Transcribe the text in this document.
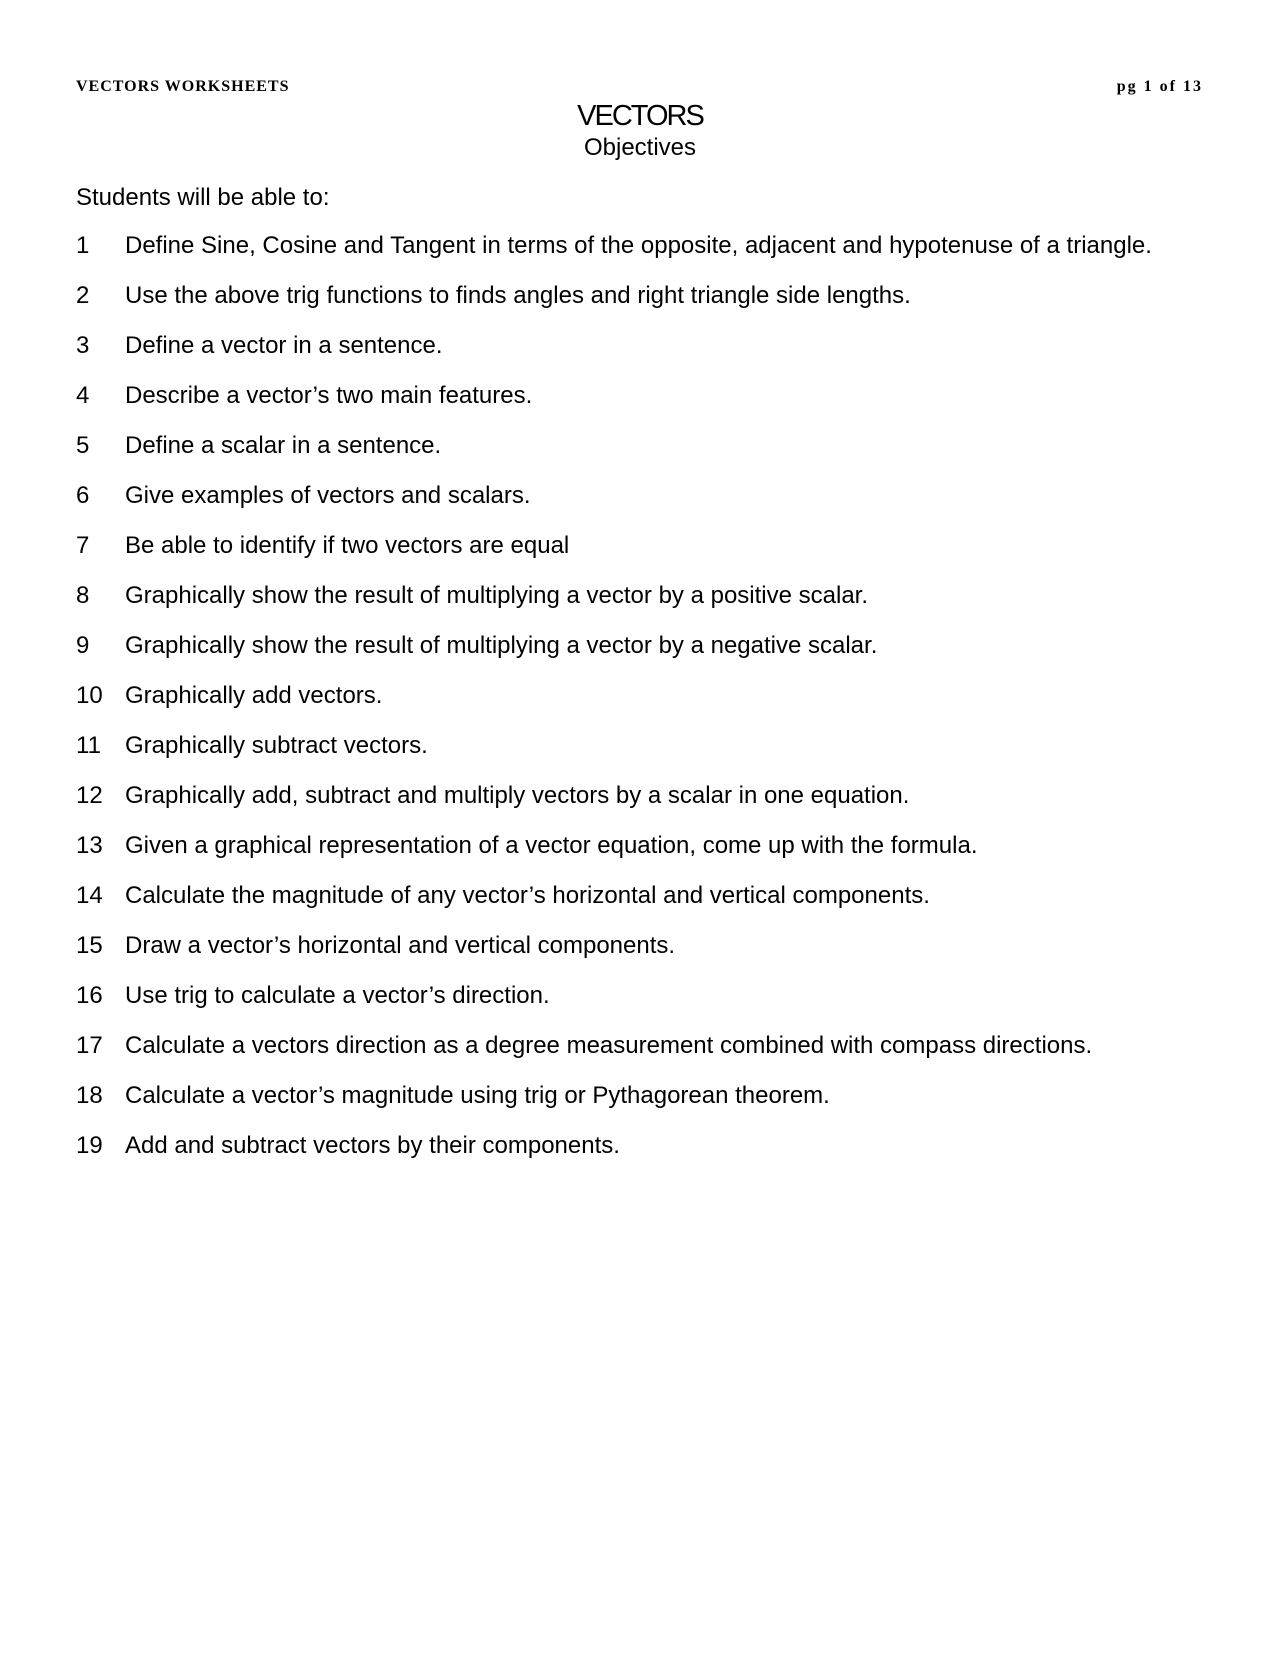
VECTORS WORKSHEETS	pg 1 of 13
VECTORS
Objectives
Students will be able to:
1	Define Sine, Cosine and Tangent in terms of the opposite, adjacent and hypotenuse of a triangle.
2	Use the above trig functions to finds angles and right triangle side lengths.
3	Define a vector in a sentence.
4	Describe a vector’s two main features.
5	Define a scalar in a sentence.
6	Give examples of vectors and scalars.
7	Be able to identify if two vectors are equal
8	Graphically show the result of multiplying a vector by a positive scalar.
9	Graphically show the result of multiplying a vector by a negative scalar.
10 Graphically add vectors.
11	Graphically subtract vectors.
12 Graphically add, subtract and multiply vectors by a scalar in one equation.
13 Given a graphical representation of a vector equation, come up with the formula.
14 Calculate the magnitude of any vector’s horizontal and vertical components.
15 Draw a vector’s horizontal and vertical components.
16 Use trig to calculate a vector’s direction.
17 Calculate a vectors direction as a degree measurement combined with compass directions.
18 Calculate a vector’s magnitude using trig or Pythagorean theorem.
19 Add and subtract vectors by their components.
